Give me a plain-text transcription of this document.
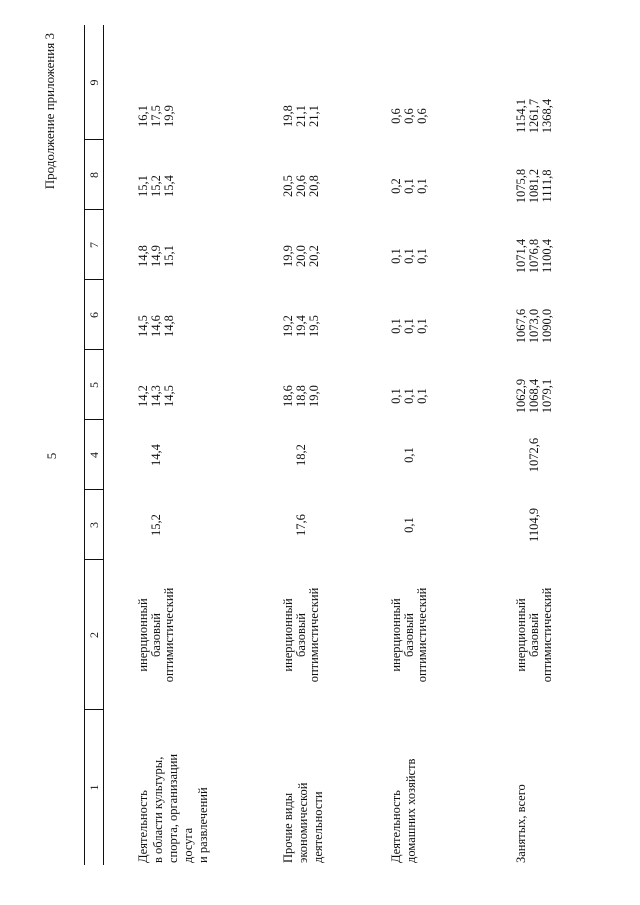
5
Продолжение приложения 3
1
2
3
4
5
6
7
8
9
Деятельность в области культуры, спорта, организации досуга и развлечений
инерционный базовый оптимистический
15,2
14,4
14,2
14,5
14,8
15,1
16,1
14,3
14,6
14,9
15,2
17,5
14,5
14,8
15,1
15,4
19,9
Прочие виды экономической деятельности
инерционный базовый оптимистический
17,6
18,2
18,6
19,2
19,9
20,5
19,8
18,8
19,4
20,0
20,6
21,1
19,0
19,5
20,2
20,8
21,1
Деятельность домашних хозяйств
инерционный базовый оптимистический
0,1
0,1
0,1
0,1
0,1
0,2
0,6
0,1
0,1
0,1
0,1
0,6
0,1
0,1
0,1
0,1
0,6
Занятых, всего
инерционный базовый оптимистический
1104,9
1072,6
1062,9
1067,6
1071,4
1075,8
1154,1
1068,4
1073,0
1076,8
1081,2
1261,7
1079,1
1090,0
1100,4
1111,8
1368,4
